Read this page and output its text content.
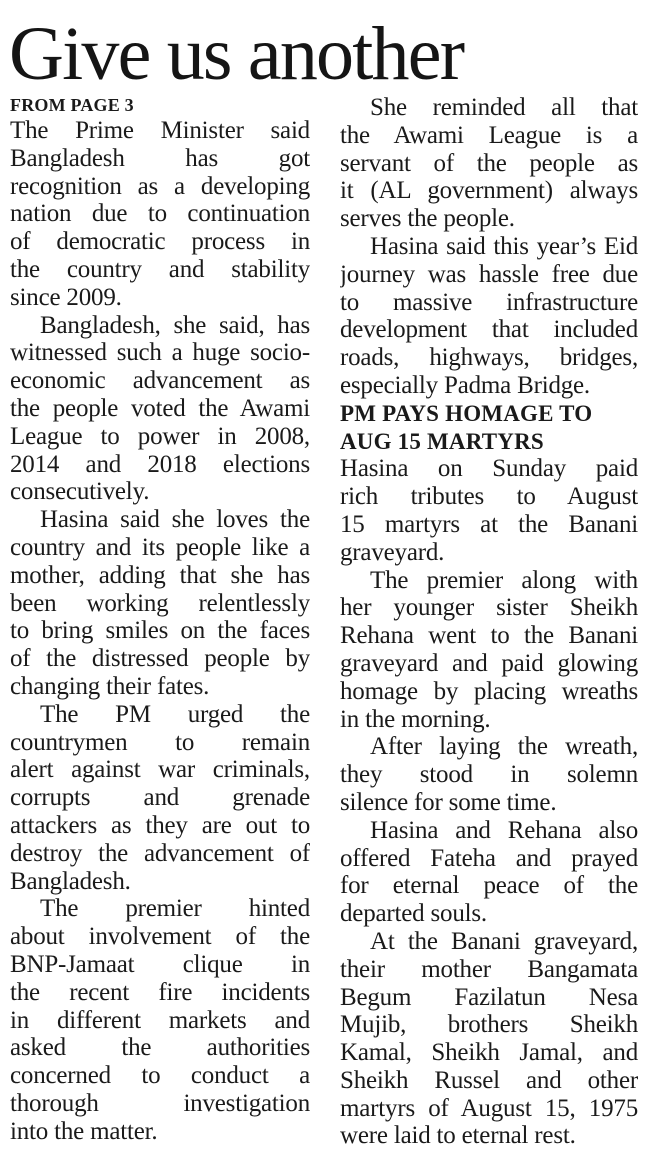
Give us another
FROM PAGE 3

The Prime Minister said
Bangladesh has got
recognition as a developing
nation due to continuation
of democratic process in
the country and stability
since 2009.

Bangladesh, she said, has
witnessed such a huge socio-
economic advancement as
the people voted the Awami
League to power in 2008,
2014 and 2018 elections
consecutively.

Hasina said she loves the
country and its people like a
mother, adding that she has
been working relentlessly
to bring smiles on the faces
of the distressed people by
changing their fates.

The PM urged the
countrymen to remain
alert against war criminals,
corrupts and grenade
attackers as they are out to
destroy the advancement of
Bangladesh.

The premier hinted
about involvement of the
BNP-Jamaat clique in
the recent fire incidents
in different markets and
asked the authorities
concerned to conduct a
thorough investigation
into the matter.

She reminded all that
the Awami League is a
servant of the people as
it (AL government) always
serves the people.

Hasina said this year’s Eid
journey was hassle free due
to massive infrastructure
development that included
roads, highways, bridges,
especially Padma Bridge.

PM PAYS HOMAGE TO
AUG 15 MARTYRS

Hasina on Sunday paid
rich tributes to August
15 martyrs at the Banani
graveyard.

The premier along with
her younger sister Sheikh
Rehana went to the Banani
graveyard and paid glowing
homage by placing wreaths
in the morning.

After laying the wreath,
they stood in solemn
silence for some time.

Hasina and Rehana also
offered Fateha and prayed
for eternal peace of the
departed souls.

At the Banani graveyard,
their mother Bangamata
Begum Fazilatun Nesa
Mujib, brothers Sheikh
Kamal, Sheikh Jamal, and
Sheikh Russel and other
martyrs of August 15, 1975
were laid to eternal rest.
